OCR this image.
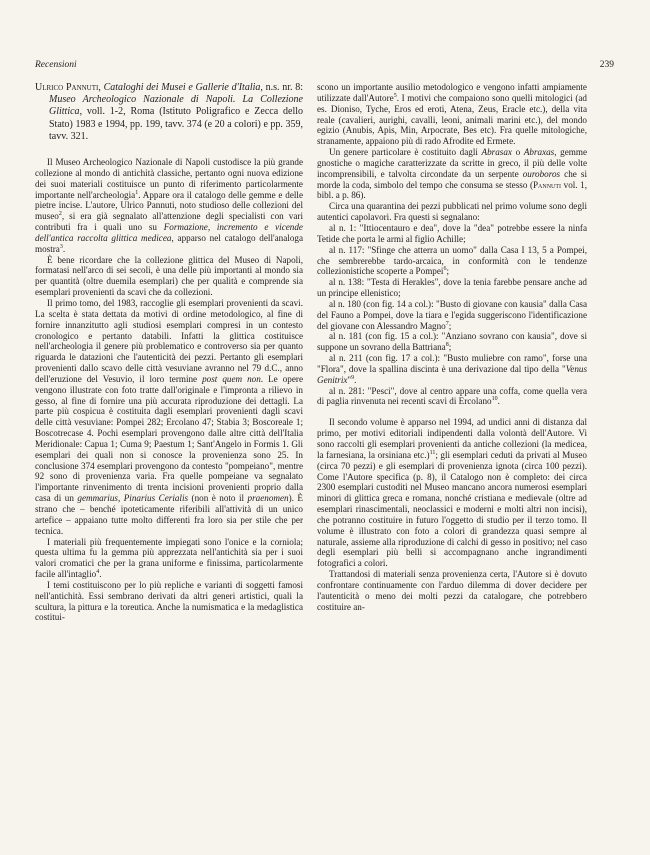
Recensioni	239
Ulrico Pannuti, Cataloghi dei Musei e Gallerie d'Italia, n.s. nr. 8: Museo Archeologico Nazionale di Napoli. La Collezione Glittica, voll. 1-2, Roma (Istituto Poligrafico e Zecca dello Stato) 1983 e 1994, pp. 199, tavv. 374 (e 20 a colori) e pp. 359, tavv. 321.

Il Museo Archeologico Nazionale di Napoli custodisce la più grande collezione al mondo di antichità classiche, pertanto ogni nuova edizione dei suoi materiali costituisce un punto di riferimento particolarmente importante nell'archeologia$^1$. Appare ora il catalogo delle gemme e delle pietre incise. L'autore, Ulrico Pannuti, noto studioso delle collezioni del museo$^2$, si era già segnalato all'attenzione degli specialisti con vari contributi fra i quali uno su Formazione, incremento e vicende dell'antica raccolta glittica medicea, apparso nel catalogo dell'analoga mostra$^3$.

È bene ricordare che la collezione glittica del Museo di Napoli, formatasi nell'arco di sei secoli, è una delle più importanti al mondo sia per quantità (oltre duemila esemplari) che per qualità e comprende sia esemplari provenienti da scavi che da collezioni.

Il primo tomo, del 1983, raccoglie gli esemplari provenienti da scavi. La scelta è stata dettata da motivi di ordine metodologico, al fine di fornire innanzitutto agli studiosi esemplari compresi in un contesto cronologico e pertanto databili. Infatti la glittica costituisce nell'archeologia il genere più problematico e controverso sia per quanto riguarda le datazioni che l'autenticità dei pezzi. Pertanto gli esemplari provenienti dallo scavo delle città vesuviane avranno nel 79 d.C., anno dell'eruzione del Vesuvio, il loro termine post quem non. Le opere vengono illustrate con foto tratte dall'originale e l'impronta a rilievo in gesso, al fine di fornire una più accurata riproduzione dei dettagli. La parte più cospicua è costituita dagli esemplari provenienti dagli scavi delle città vesuviane: Pompei 282; Ercolano 47; Stabia 3; Boscoreale 1; Boscotrecase 4. Pochi esemplari provengono dalle altre città dell'Italia Meridionale: Capua 1; Cuma 9; Paestum 1; Sant'Angelo in Formis 1. Gli esemplari dei quali non si conosce la provenienza sono 25. In conclusione 374 esemplari provengono da contesto "pompeiano", mentre 92 sono di provenienza varia. Fra quelle pompeiane va segnalato l'importante rinvenimento di trenta incisioni provenienti proprio dalla casa di un gemmarius, Pinarius Cerialis (non è noto il praenomen). È strano che – benché ipoteticamente riferibili all'attività di un unico artefice – appaiano tutte molto differenti fra loro sia per stile che per tecnica.

I materiali più frequentemente impiegati sono l'onice e la corniola; questa ultima fu la gemma più apprezzata nell'antichità sia per i suoi valori cromatici che per la grana uniforme e finissima, particolarmente facile all'intaglio$^4$.

I temi costituiscono per lo più repliche e varianti di soggetti famosi nell'antichità. Essi sembrano derivati da altri generi artistici, quali la scultura, la pittura e la toreutica. Anche la numismatica e la medaglistica costitui-

scono un importante ausilio metodologico e vengono infatti ampiamente utilizzate dall'Autore$^5$. I motivi che compaiono sono quelli mitologici (ad es. Dioniso, Tyche, Eros ed eroti, Atena, Zeus, Eracle etc.), della vita reale (cavalieri, aurighi, cavalli, leoni, animali marini etc.), del mondo egizio (Anubis, Apis, Min, Arpocrate, Bes etc). Fra quelle mitologiche, stranamente, appaiono più di rado Afrodite ed Ermete.

Un genere particolare è costituito dagli Abrasax o Abraxas, gemme gnostiche o magiche caratterizzate da scritte in greco, il più delle volte incomprensibili, e talvolta circondate da un serpente ouroboros che si morde la coda, simbolo del tempo che consuma se stesso (Pannuti vol. 1, bibl. a p. 86).

Circa una quarantina dei pezzi pubblicati nel primo volume sono degli autentici capolavori. Fra questi si segnalano:

al n. 1: "Ittiocentauro e dea", dove la "dea" potrebbe essere la ninfa Tetide che porta le armi al figlio Achille;

al n. 117: "Sfinge che atterra un uomo" dalla Casa I 13, 5 a Pompei, che sembrerebbe tardo-arcaica, in conformità con le tendenze collezionistiche scoperte a Pompei$^6$;

al n. 138: "Testa di Herakles", dove la tenia farebbe pensare anche ad un principe ellenistico;

al n. 180 (con fig. 14 a col.): "Busto di giovane con kausia" dalla Casa del Fauno a Pompei, dove la tiara e l'egida suggeriscono l'identificazione del giovane con Alessandro Magno$^7$;

al n. 181 (con fig. 15 a col.): "Anziano sovrano con kausia", dove si suppone un sovrano della Battriana$^8$;

al n. 211 (con fig. 17 a col.): "Busto muliebre con ramo", forse una "Flora", dove la spallina discinta è una derivazione dal tipo della "Venus Genitrix"$^9$.

al n. 281: "Pesci", dove al centro appare una coffa, come quella vera di paglia rinvenuta nei recenti scavi di Ercolano$^{10}$.

Il secondo volume è apparso nel 1994, ad undici anni di distanza dal primo, per motivi editoriali indipendenti dalla volontà dell'Autore. Vi sono raccolti gli esemplari provenienti da antiche collezioni (la medicea, la farnesiana, la orsiniana etc.)$^{11}$; gli esemplari ceduti da privati al Museo (circa 70 pezzi) e gli esemplari di provenienza ignota (circa 100 pezzi). Come l'Autore specifica (p. 8), il Catalogo non è completo: dei circa 2300 esemplari custoditi nel Museo mancano ancora numerosi esemplari minori di glittica greca e romana, nonché cristiana e medievale (oltre ad esemplari rinascimentali, neoclassici e moderni e molti altri non incisi), che potranno costituire in futuro l'oggetto di studio per il terzo tomo. Il volume è illustrato con foto a colori di grandezza quasi sempre al naturale, assieme alla riproduzione di calchi di gesso in positivo; nel caso degli esemplari più belli si accompagnano anche ingrandimenti fotografici a colori.

Trattandosi di materiali senza provenienza certa, l'Autore si è dovuto confrontare continuamente con l'arduo dilemma di dover decidere per l'autenticità o meno dei molti pezzi da catalogare, che potrebbero costituire an-
